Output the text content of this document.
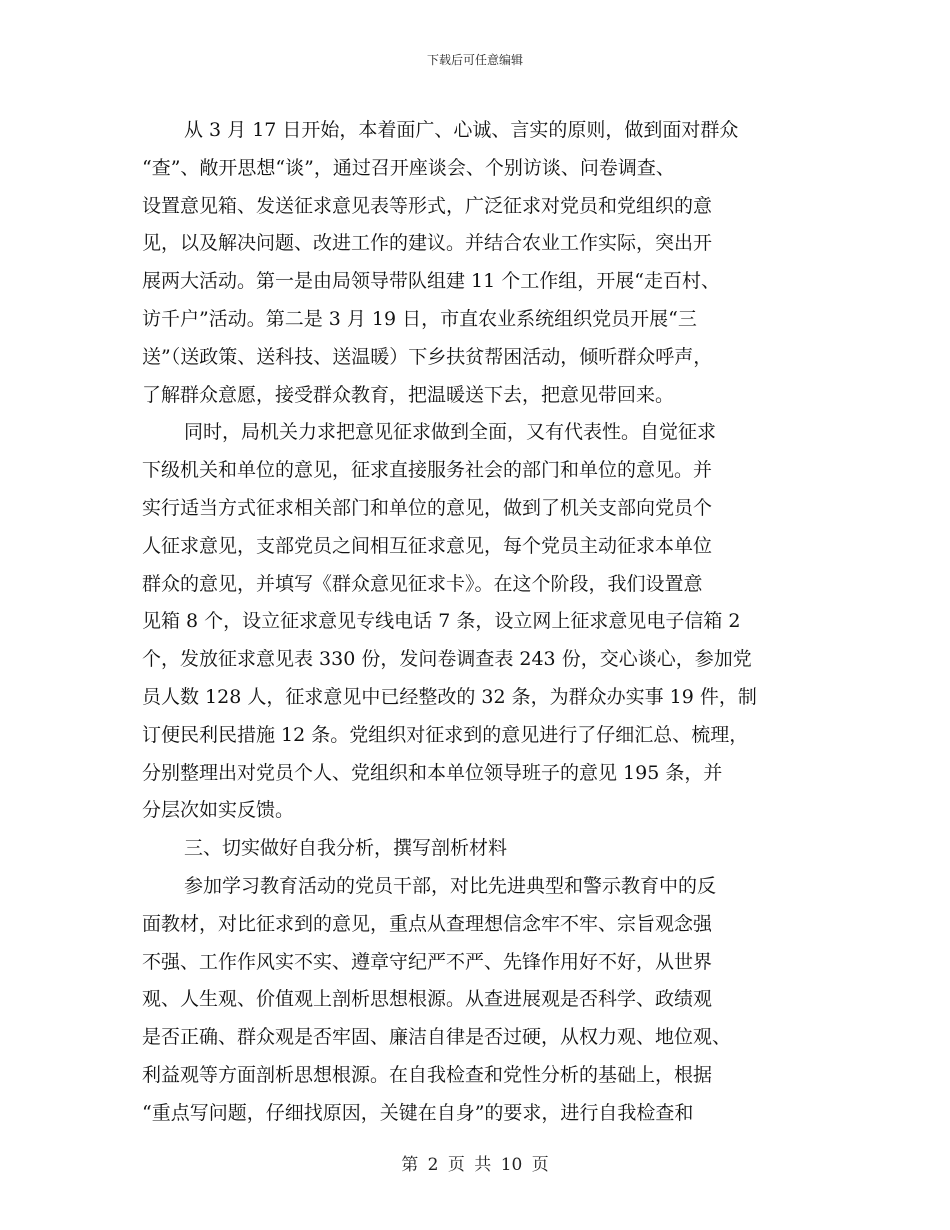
下载后可任意编辑
从 3 月 17 日开始，本着面广、心诚、言实的原则，做到面对群众
“查”、敞开思想“谈”，通过召开座谈会、个别访谈、问卷调查、
设置意见箱、发送征求意见表等形式，广泛征求对党员和党组织的意
见，以及解决问题、改进工作的建议。并结合农业工作实际，突出开
展两大活动。第一是由局领导带队组建 11 个工作组，开展“走百村、
访千户”活动。第二是 3 月 19 日，市直农业系统组织党员开展“三
送”（送政策、送科技、送温暖）下乡扶贫帮困活动，倾听群众呼声，
了解群众意愿，接受群众教育，把温暖送下去，把意见带回来。
同时，局机关力求把意见征求做到全面，又有代表性。自觉征求
下级机关和单位的意见，征求直接服务社会的部门和单位的意见。并
实行适当方式征求相关部门和单位的意见，做到了机关支部向党员个
人征求意见，支部党员之间相互征求意见，每个党员主动征求本单位
群众的意见，并填写《群众意见征求卡》。在这个阶段，我们设置意
见箱 8 个，设立征求意见专线电话 7 条，设立网上征求意见电子信箱 2
个，发放征求意见表 330 份，发问卷调查表 243 份，交心谈心，参加党
员人数 128 人，征求意见中已经整改的 32 条，为群众办实事 19 件，制
订便民利民措施 12 条。党组织对征求到的意见进行了仔细汇总、梳理，
分别整理出对党员个人、党组织和本单位领导班子的意见 195 条，并
分层次如实反馈。
三、切实做好自我分析，撰写剖析材料
参加学习教育活动的党员干部，对比先进典型和警示教育中的反
面教材，对比征求到的意见，重点从查理想信念牢不牢、宗旨观念强
不强、工作作风实不实、遵章守纪严不严、先锋作用好不好，从世界
观、人生观、价值观上剖析思想根源。从查进展观是否科学、政绩观
是否正确、群众观是否牢固、廉洁自律是否过硬，从权力观、地位观、
利益观等方面剖析思想根源。在自我检查和党性分析的基础上，根据
“重点写问题，仔细找原因，关键在自身”的要求，进行自我检查和
第 2 页 共 10 页
